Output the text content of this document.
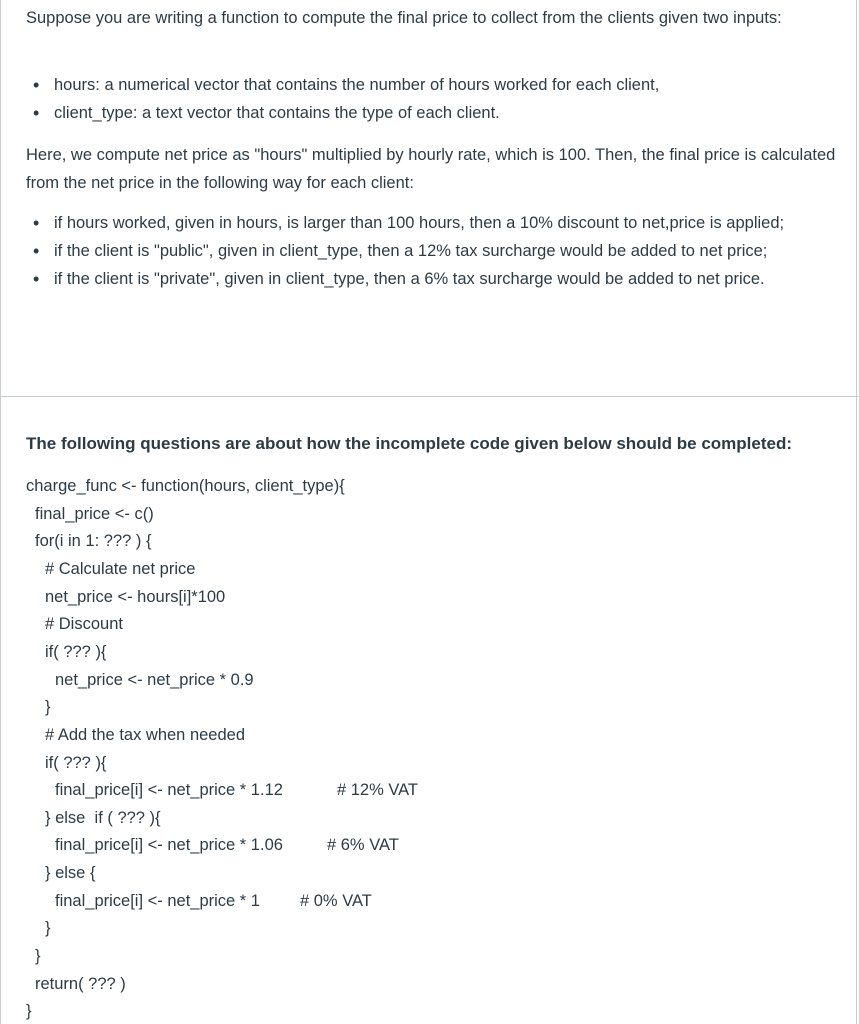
Suppose you are writing a function to compute the final price to collect from the clients given two inputs:

• hours: a numerical vector that contains the number of hours worked for each client,
• client_type: a text vector that contains the type of each client.

Here, we compute net price as "hours" multiplied by hourly rate, which is 100. Then, the final price is calculated from the net price in the following way for each client:

• if hours worked, given in hours, is larger than 100 hours, then a 10% discount to net,price is applied;
• if the client is "public", given in client_type, then a 12% tax surcharge would be added to net price;
• if the client is "private", given in client_type, then a 6% tax surcharge would be added to net price.

The following questions are about how the incomplete code given below should be completed:

charge_func <- function(hours, client_type){
final_price <- c()
for(i in 1: ??? ) {
# Calculate net price
net_price <- hours[i]*100
# Discount
if( ??? ){
net_price <- net_price * 0.9
}
# Add the tax when needed
if( ??? ){
final_price[i] <- net_price * 1.12	# 12% VAT
} else  if ( ??? ){
final_price[i] <- net_price * 1.06	# 6% VAT
} else {
final_price[i] <- net_price * 1 # 0% VAT
}
}
return( ??? )
}
